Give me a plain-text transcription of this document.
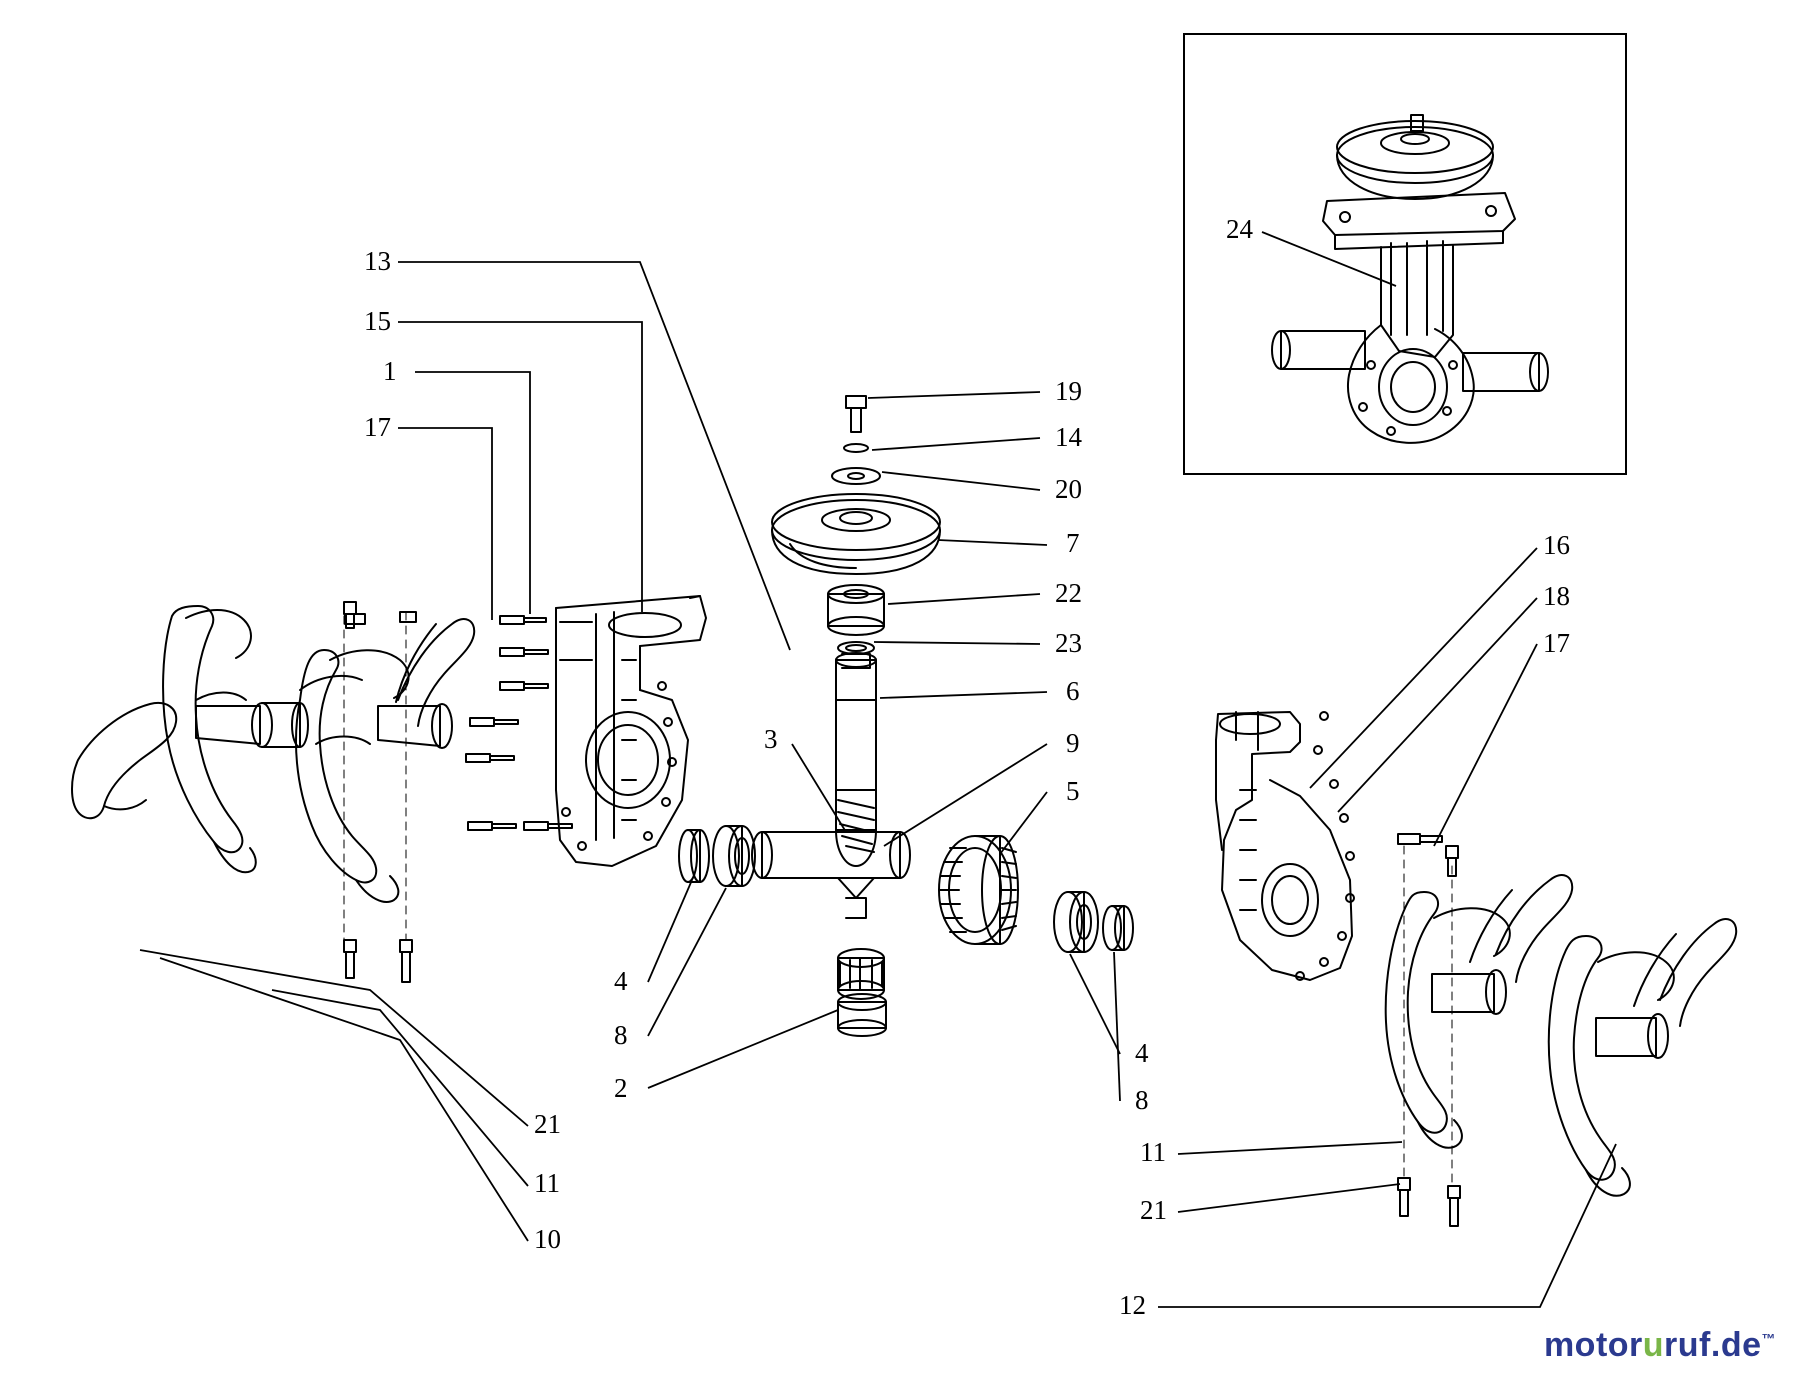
13
15
1
17
19
14
20
7
22
23
6
3	9
5
4
8
2
4
8
21
11
10
24
16
18
17
11
21
12
motoruruf.de™
